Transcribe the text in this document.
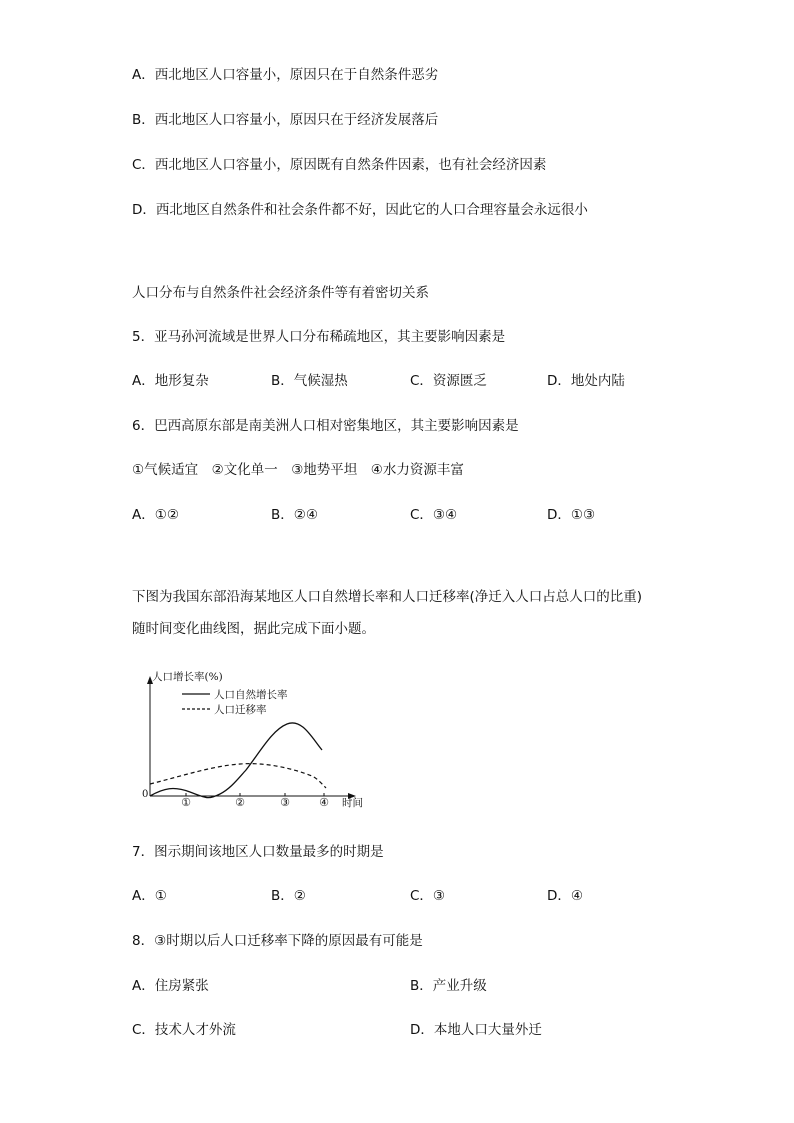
A．西北地区人口容量小，原因只在于自然条件恶劣
B．西北地区人口容量小，原因只在于经济发展落后
C．西北地区人口容量小，原因既有自然条件因素，也有社会经济因素
D．西北地区自然条件和社会条件都不好，因此它的人口合理容量会永远很小
人口分布与自然条件社会经济条件等有着密切关系
5．亚马孙河流域是世界人口分布稀疏地区，其主要影响因素是
A．地形复杂	B．气候湿热	C．资源匮乏	D．地处内陆
6．巴西高原东部是南美洲人口相对密集地区，其主要影响因素是
①气候适宜　②文化单一　③地势平坦　④水力资源丰富
A．①②	B．②④	C．③④	D．①③
下图为我国东部沿海某地区人口自然增长率和人口迁移率(净迁入人口占总人口的比重)
随时间变化曲线图，据此完成下面小题。
人口增长率(%)
0
时间
人口自然增长率
人口迁移率
①	②	③	④
7．图示期间该地区人口数量最多的时期是
A．①	B．②	C．③	D．④
8．③时期以后人口迁移率下降的原因最有可能是
A．住房紧张	B．产业升级
C．技术人才外流	D．本地人口大量外迁
